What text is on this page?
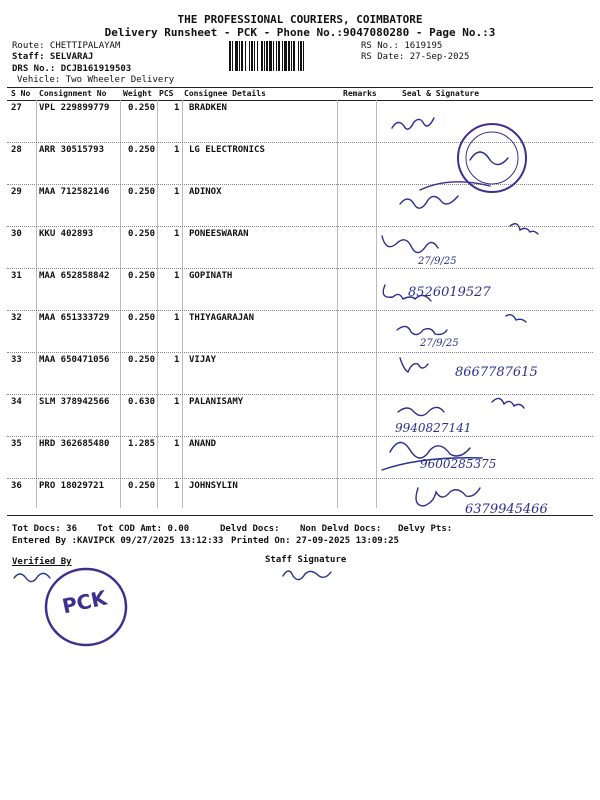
THE PROFESSIONAL COURIERS, COIMBATORE
Delivery Runsheet - PCK - Phone No.:9047080280 - Page No.:3
Route: CHETTIPALAYAM
Staff: SELVARAJ
DRS No.: DCJB161919503
Vehicle: Two Wheeler Delivery
RS No.: 1619195
RS Date: 27-Sep-2025
S No Consignment No Weight PCS Consignee Details	Remarks	Seal & Signature
27 VPL 229899779 0.250 1 BRADKEN
28 ARR 30515793	0.250 1 LG ELECTRONICS
29 MAA 712582146 0.250 1 ADINOX
30 KKU 402893	0.250 1 PONEESWARAN
31 MAA 652858842 0.250 1 GOPINATH
32 MAA 651333729 0.250 1 THIYAGARAJAN
33 MAA 650471056 0.250 1 VIJAY
34 SLM 378942566 0.630 1 PALANISAMY
35 HRD 362685480 1.285 1 ANAND
36 PRO 18029721	0.250 1 JOHNSYLIN
8526019527
8667787615
9940827141
9600285375
6379945466
27/9/25
27/9/25
Tot Docs: 36 Tot COD Amt: 0.00	Delvd Docs: Non Delvd Docs: Delvy Pts:
Entered By :KAVIPCK 09/27/2025 13:12:33 Printed On: 27-09-2025 13:09:25
Verified By	Staff Signature
PCK
